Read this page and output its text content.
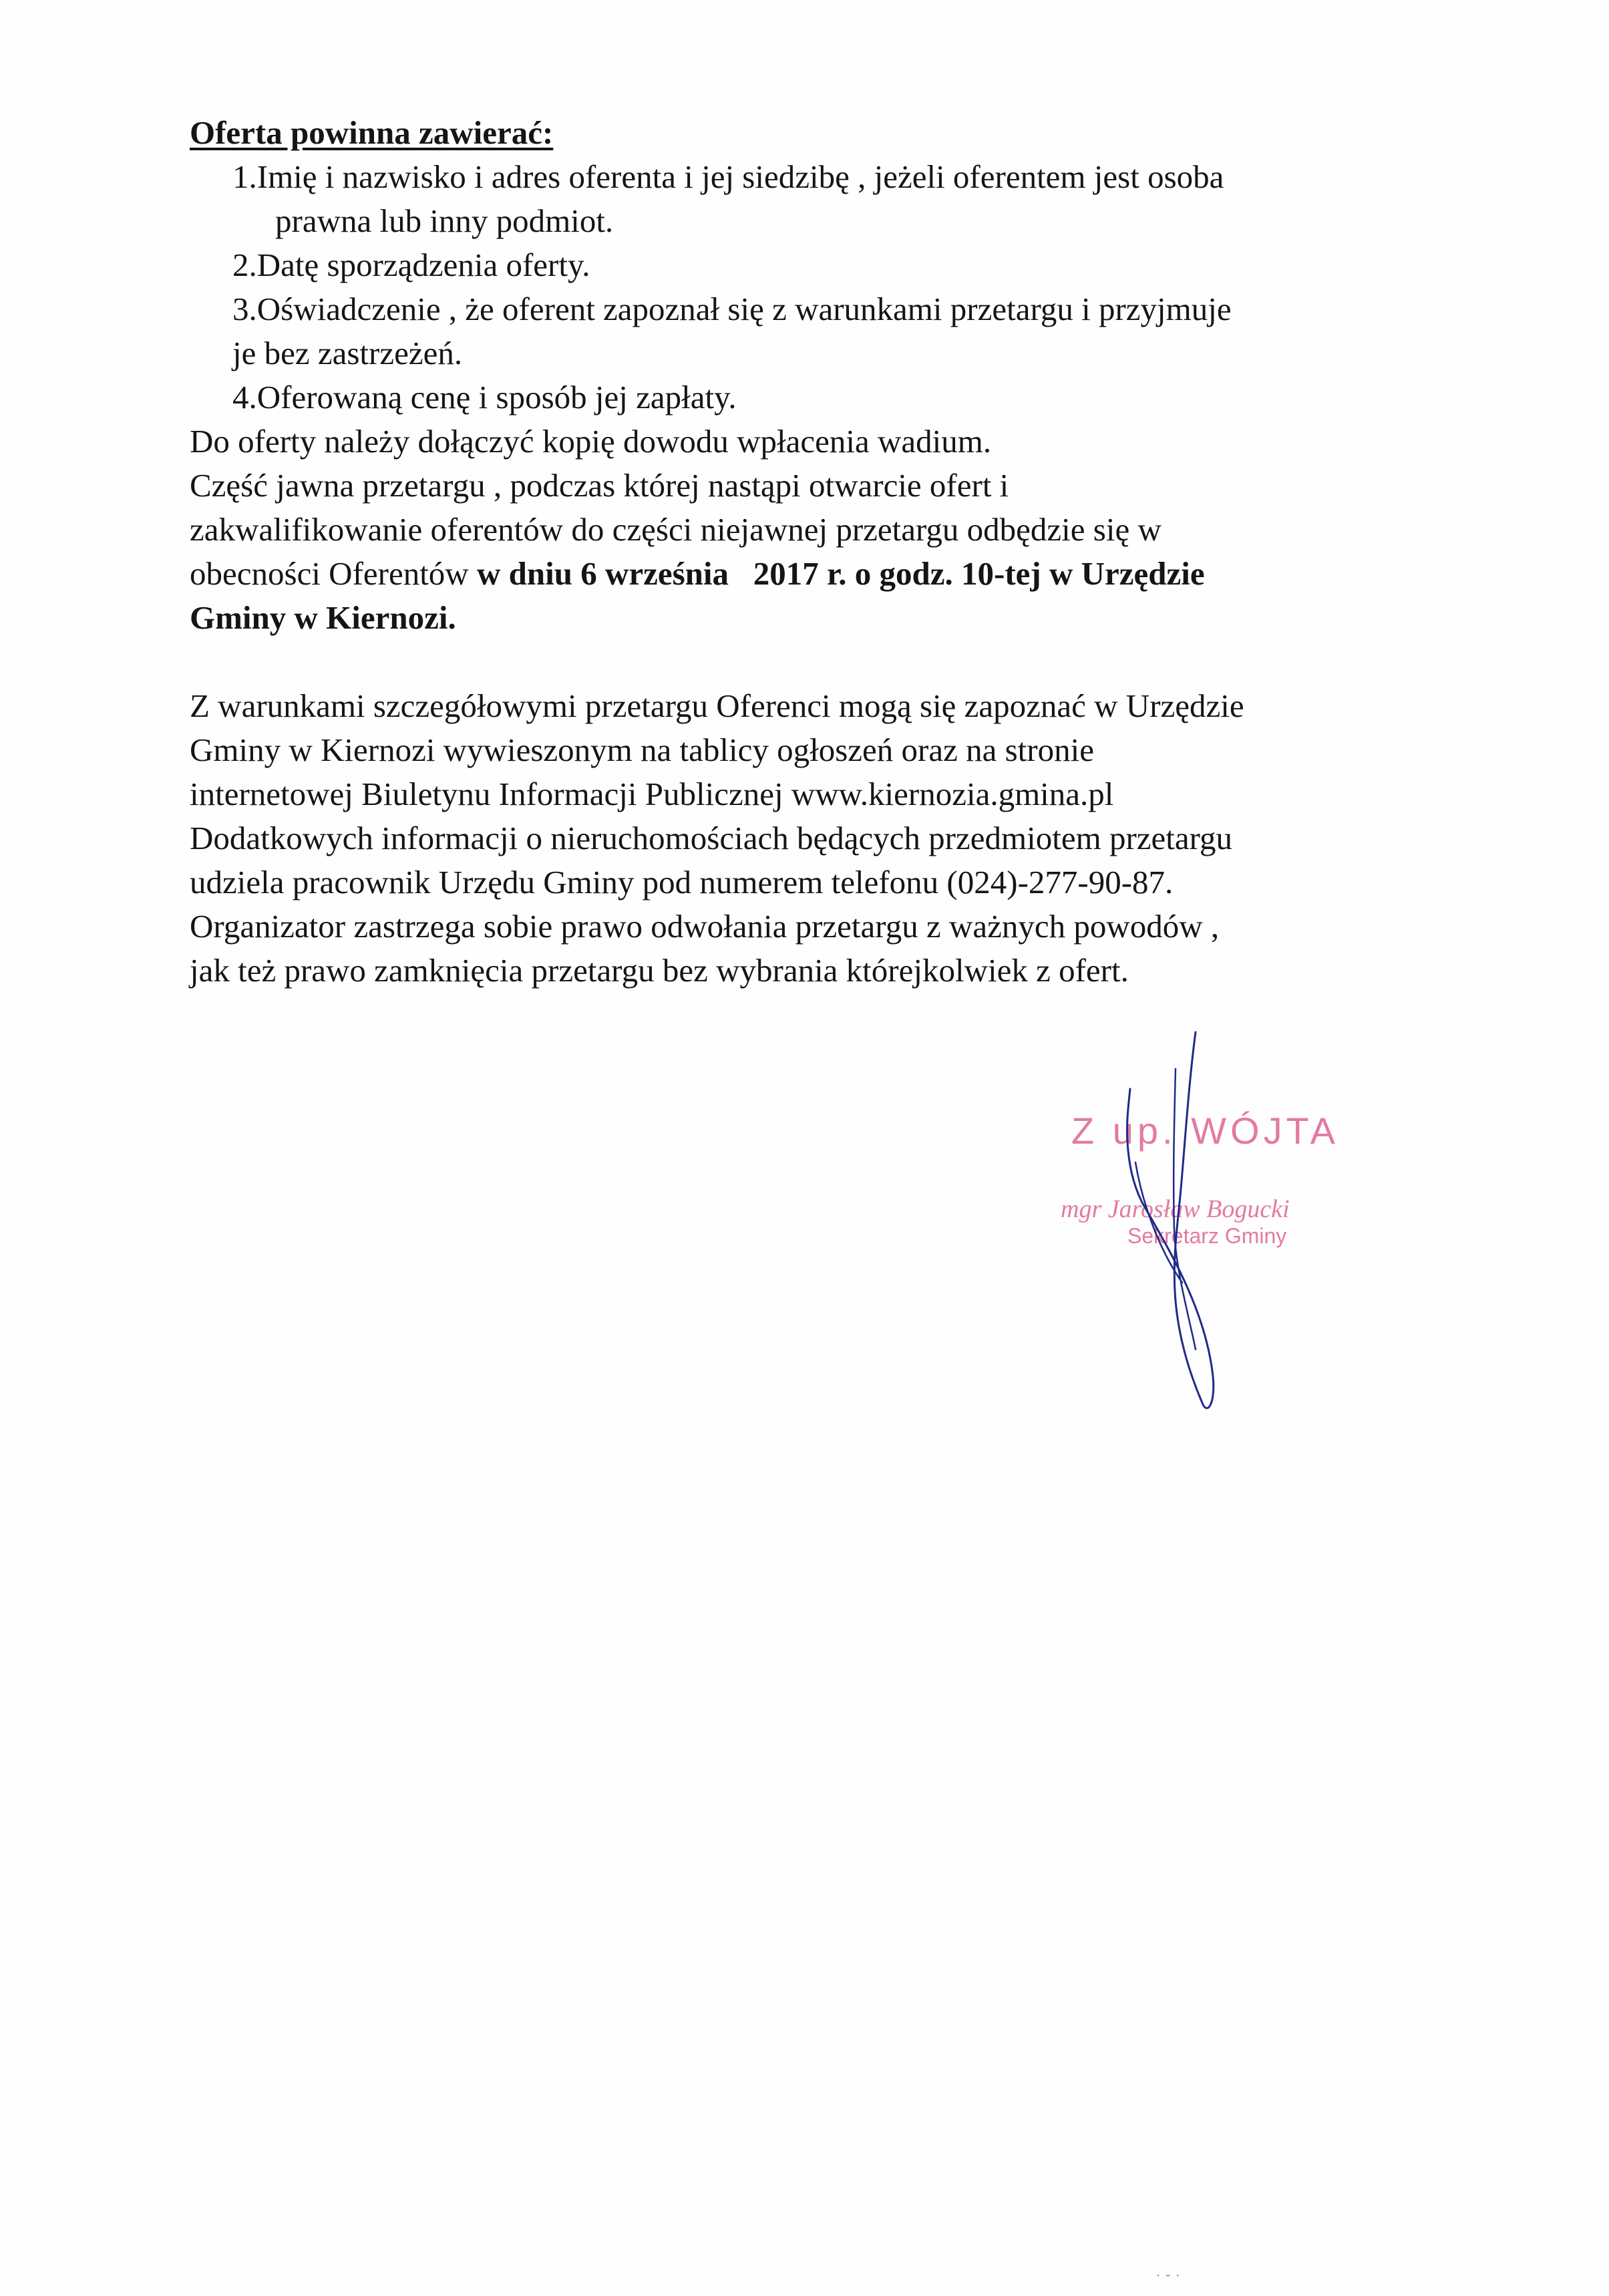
Oferta powinna zawierać:

1.Imię i nazwisko i adres oferenta i jej siedzibę , jeżeli oferentem jest osoba
prawna lub inny podmiot.
2.Datę sporządzenia oferty.
3.Oświadczenie , że oferent zapoznał się z warunkami przetargu i przyjmuje
je bez zastrzeżeń.
4.Oferowaną cenę i sposób jej zapłaty.

Do oferty należy dołączyć kopię dowodu wpłacenia wadium.

Część jawna przetargu , podczas której nastąpi otwarcie ofert i

zakwalifikowanie oferentów do części niejawnej przetargu odbędzie się w

obecności Oferentów w dniu 6 września   2017 r. o godz. 10-tej w Urzędzie

Gminy w Kiernozi.

Z warunkami szczegółowymi przetargu Oferenci mogą się zapoznać w Urzędzie

Gminy w Kiernozi wywieszonym na tablicy ogłoszeń oraz na stronie

internetowej Biuletynu Informacji Publicznej www.kiernozia.gmina.pl

Dodatkowych informacji o nieruchomościach będących przedmiotem przetargu

udziela pracownik Urzędu Gminy pod numerem telefonu (024)-277-90-87.

Organizator zastrzega sobie prawo odwołania przetargu z ważnych powodów ,

jak też prawo zamknięcia przetargu bez wybrania którejkolwiek z ofert.

Z up. WÓJTA
mgr Jarosław Bogucki
Sekretarz Gminy
· - ·
